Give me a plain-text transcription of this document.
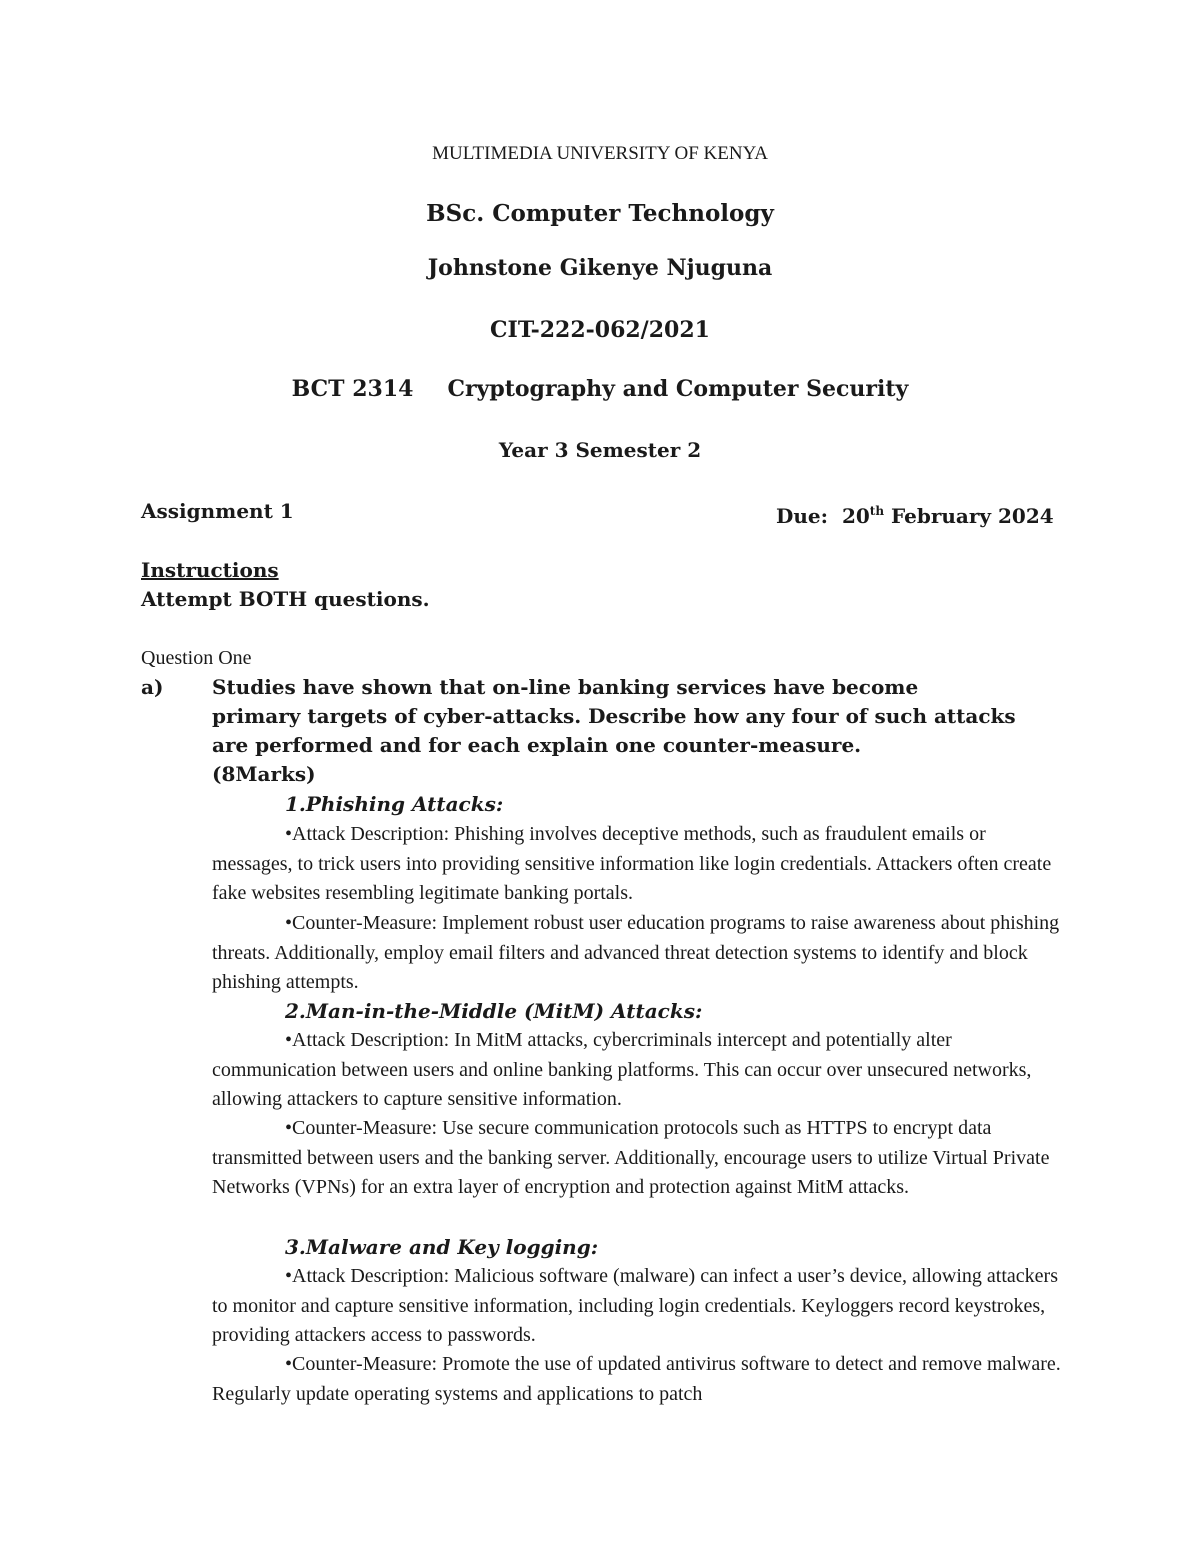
MULTIMEDIA UNIVERSITY OF KENYA
BSc. Computer Technology
Johnstone Gikenye Njuguna
CIT-222-062/2021
BCT 2314 Cryptography and Computer Security
Year 3 Semester 2
Assignment 1	Due: 20th February 2024
Instructions
Attempt BOTH questions.
Question One
a) Studies have shown that on-line banking services have become
primary targets of cyber-attacks. Describe how any four of such attacks
are performed and for each explain one counter-measure.
(8Marks)
1.Phishing Attacks:

•Attack Description: Phishing involves deceptive methods, such as fraudulent emails or messages, to trick users into providing sensitive information like login credentials. Attackers often create fake websites resembling legitimate banking portals.

•Counter-Measure: Implement robust user education programs to raise awareness about phishing threats. Additionally, employ email filters and advanced threat detection systems to identify and block phishing attempts.

2.Man-in-the-Middle (MitM) Attacks:

•Attack Description: In MitM attacks, cybercriminals intercept and potentially alter communication between users and online banking platforms. This can occur over unsecured networks, allowing attackers to capture sensitive information.

•Counter-Measure: Use secure communication protocols such as HTTPS to encrypt data transmitted between users and the banking server. Additionally, encourage users to utilize Virtual Private Networks (VPNs) for an extra layer of encryption and protection against MitM attacks.

3.Malware and Key logging:

•Attack Description: Malicious software (malware) can infect a user’s device, allowing attackers to monitor and capture sensitive information, including login credentials. Keyloggers record keystrokes, providing attackers access to passwords.

•Counter-Measure: Promote the use of updated antivirus software to detect and remove malware. Regularly update operating systems and applications to patch
